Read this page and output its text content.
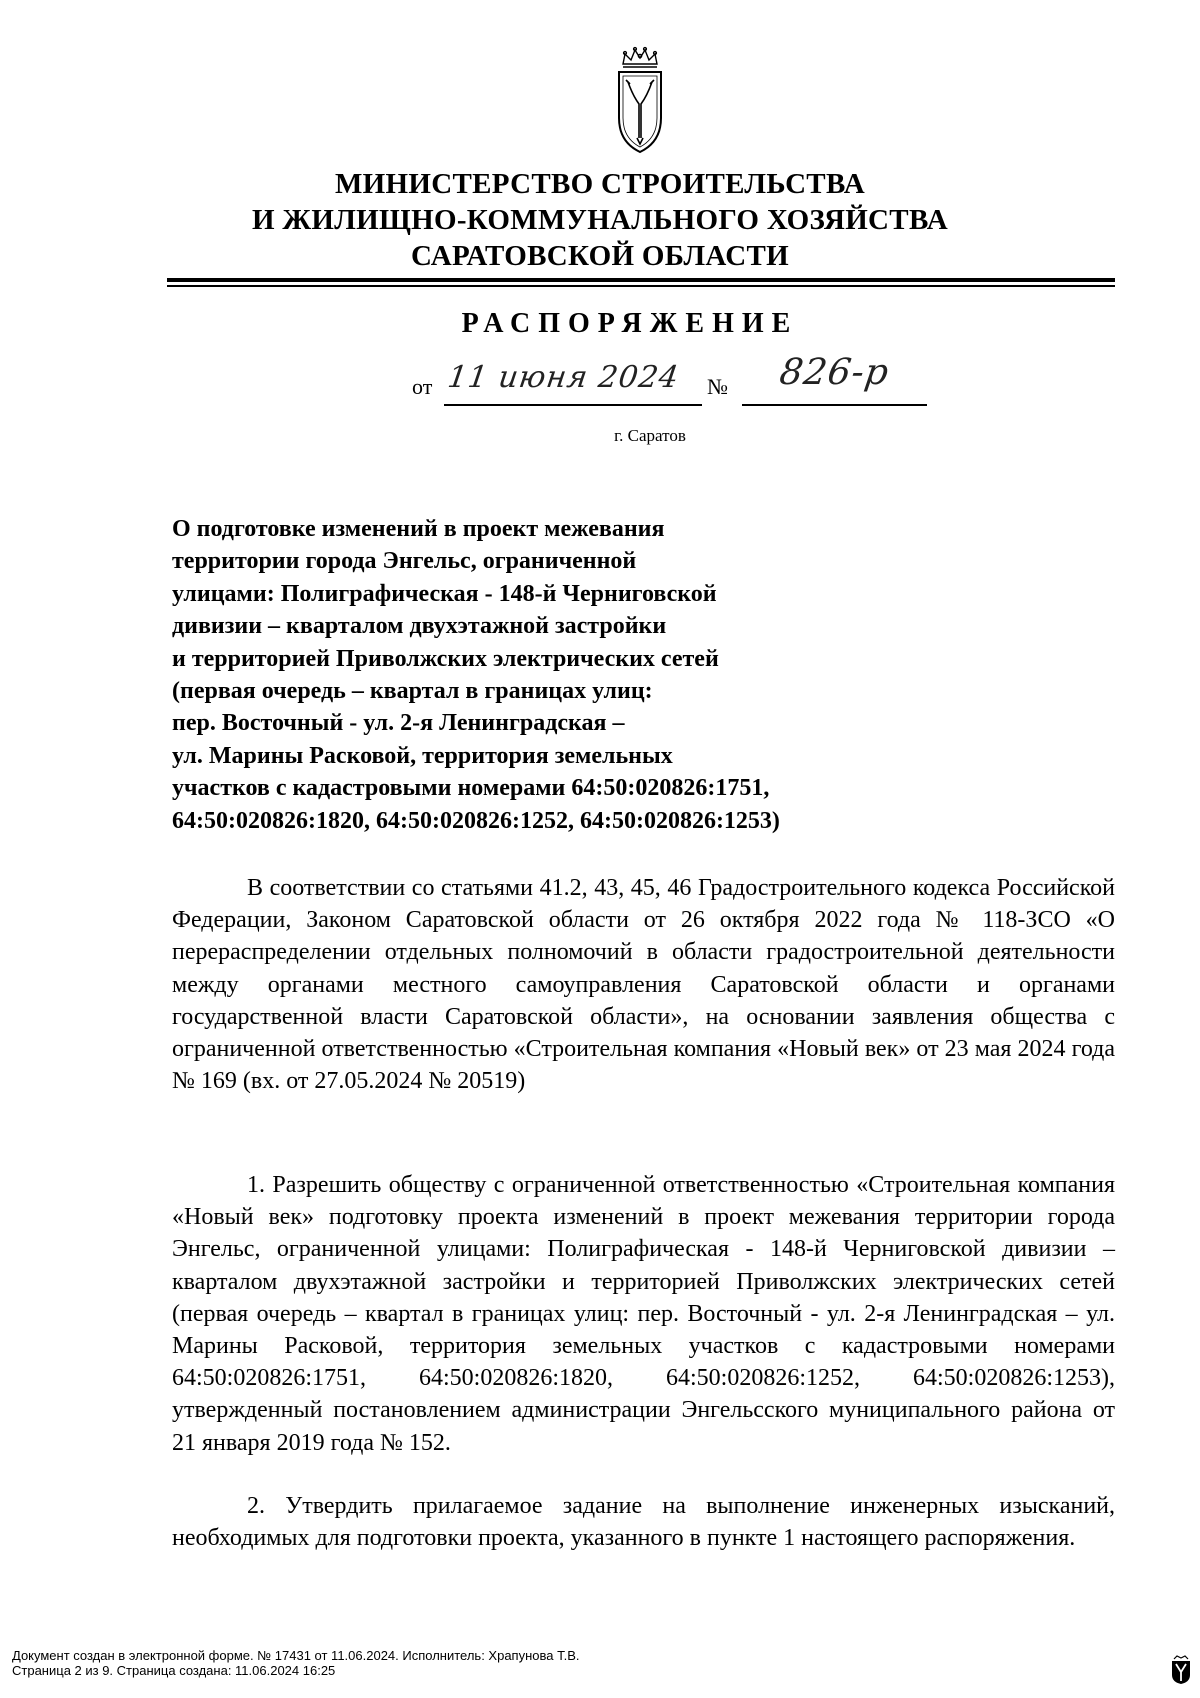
МИНИСТЕРСТВО СТРОИТЕЛЬСТВА
И ЖИЛИЩНО-КОММУНАЛЬНОГО ХОЗЯЙСТВА
САРАТОВСКОЙ ОБЛАСТИ
РАСПОРЯЖЕНИЕ
от 11 июня 2024 № 826-р
г. Саратов
О подготовке изменений в проект межевания
территории города Энгельс, ограниченной
улицами: Полиграфическая - 148-й Черниговской
дивизии – кварталом двухэтажной застройки
и территорией Приволжских электрических сетей
(первая очередь – квартал в границах улиц:
пер. Восточный - ул. 2-я Ленинградская –
ул. Марины Расковой, территория земельных
участков с кадастровыми номерами 64:50:020826:1751,
64:50:020826:1820, 64:50:020826:1252, 64:50:020826:1253)
В соответствии со статьями 41.2, 43, 45, 46 Градостроительного кодекса Российской Федерации, Законом Саратовской области от 26 октября 2022 года № 118-ЗСО «О перераспределении отдельных полномочий в области градостроительной деятельности между органами местного самоуправления Саратовской области и органами государственной власти Саратовской области», на основании заявления общества с ограниченной ответственностью «Строительная компания «Новый век» от 23 мая 2024 года № 169 (вх. от 27.05.2024 № 20519)
1. Разрешить обществу с ограниченной ответственностью «Строительная компания «Новый век» подготовку проекта изменений в проект межевания территории города Энгельс, ограниченной улицами: Полиграфическая - 148-й Черниговской дивизии – кварталом двухэтажной застройки и территорией Приволжских электрических сетей (первая очередь – квартал в границах улиц: пер. Восточный - ул. 2-я Ленинградская – ул. Марины Расковой, территория земельных участков с кадастровыми номерами 64:50:020826:1751, 64:50:020826:1820, 64:50:020826:1252, 64:50:020826:1253), утвержденный постановлением администрации Энгельсского муниципального района от 21 января 2019 года № 152.
2. Утвердить прилагаемое задание на выполнение инженерных изысканий, необходимых для подготовки проекта, указанного в пункте 1 настоящего распоряжения.
Документ создан в электронной форме. № 17431 от 11.06.2024. Исполнитель: Храпунова Т.В.
Страница 2 из 9. Страница создана: 11.06.2024 16:25
